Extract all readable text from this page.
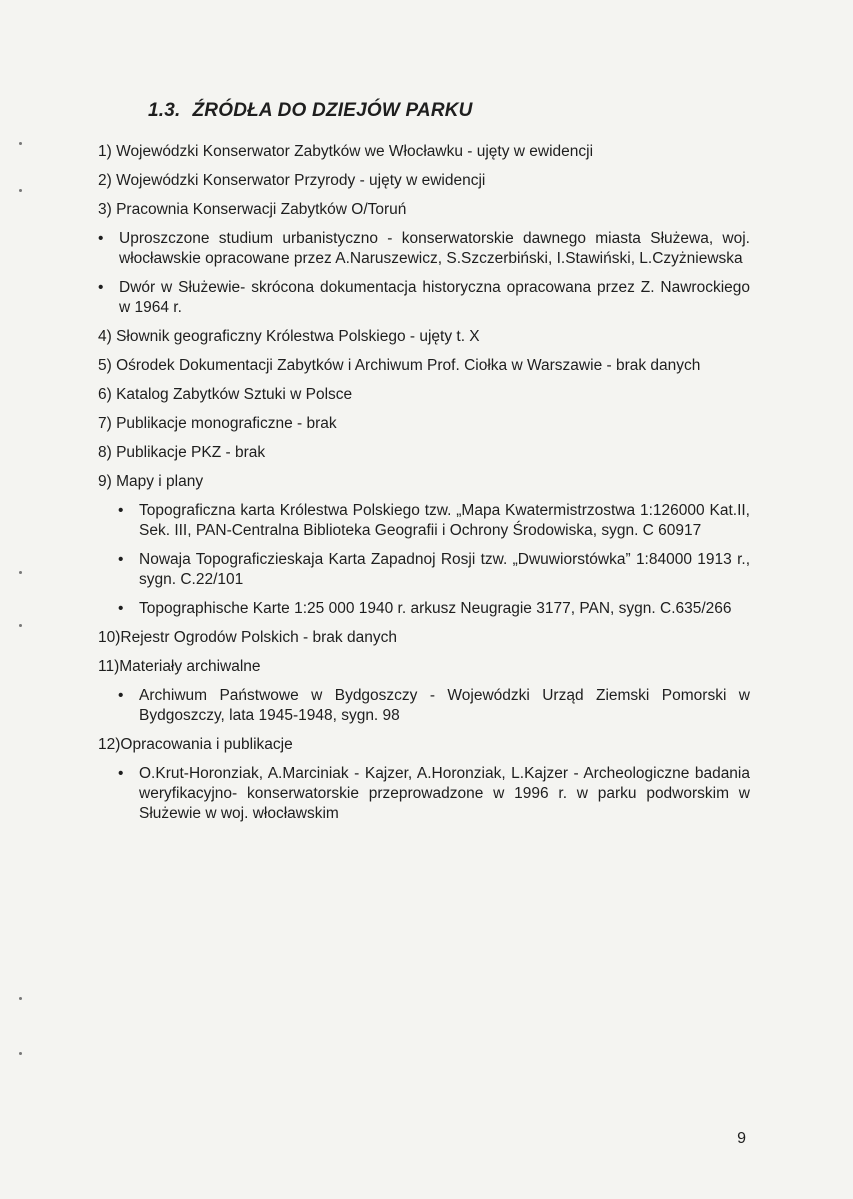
1.3. ŹRÓDŁA DO DZIEJÓW PARKU
1) Wojewódzki Konserwator Zabytków we Włocławku - ujęty w ewidencji
2) Wojewódzki Konserwator Przyrody - ujęty w ewidencji
3) Pracownia Konserwacji Zabytków O/Toruń
• Uproszczone studium urbanistyczno - konserwatorskie dawnego miasta Służewa, woj. włocławskie opracowane przez A.Naruszewicz, S.Szczerbiński, I.Stawiński, L.Czyżniewska
• Dwór w Służewie- skrócona dokumentacja historyczna opracowana przez Z. Nawrockiego w 1964 r.
4) Słownik geograficzny Królestwa Polskiego - ujęty t. X
5) Ośrodek Dokumentacji Zabytków i Archiwum Prof. Ciołka w Warszawie - brak danych
6) Katalog Zabytków Sztuki w Polsce
7) Publikacje monograficzne - brak
8) Publikacje PKZ - brak
9) Mapy i plany
• Topograficzna karta Królestwa Polskiego tzw. „Mapa Kwatermistrzostwa 1:126000 Kat.II, Sek. III, PAN-Centralna Biblioteka Geografii i Ochrony Środowiska, sygn. C 60917
• Nowaja Topograficzieskaja Karta Zapadnoj Rosji tzw. „Dwuwiorstówka” 1:84000 1913 r., sygn. C.22/101
• Topographische Karte 1:25 000 1940 r. arkusz Neugragie 3177, PAN, sygn. C.635/266
10)Rejestr Ogrodów Polskich - brak danych
11)Materiały archiwalne
• Archiwum Państwowe w Bydgoszczy - Wojewódzki Urząd Ziemski Pomorski w Bydgoszczy, lata 1945-1948, sygn. 98
12)Opracowania i publikacje
• O.Krut-Horonziak, A.Marciniak - Kajzer, A.Horonziak, L.Kajzer - Archeologiczne badania weryfikacyjno- konserwatorskie przeprowadzone w 1996 r. w parku podworskim w Służewie w woj. włocławskim
9
